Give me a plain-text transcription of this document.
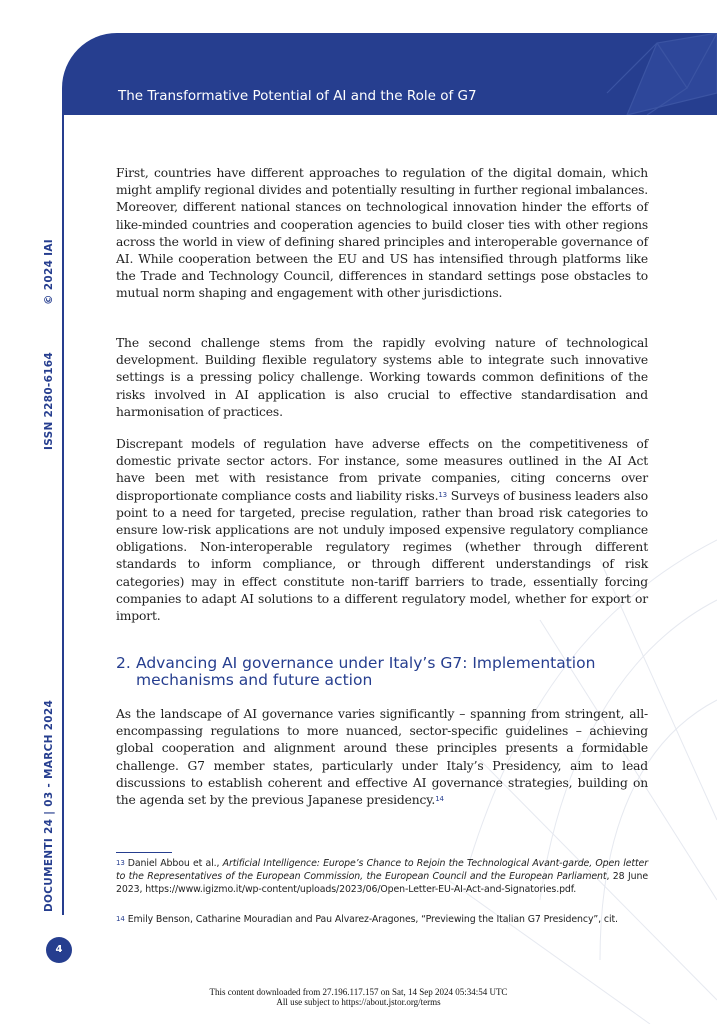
The Transformative Potential of AI and the Role of G7
© 2024 IAI
ISSN 2280-6164
DOCUMENTI 24 | 03 - MARCH 2024

First, countries have different approaches to regulation of the digital domain, which might amplify regional divides and potentially resulting in further regional imbalances. Moreover, different national stances on technological innovation hinder the efforts of like-minded countries and cooperation agencies to build closer ties with other regions across the world in view of defining shared principles and interoperable governance of AI. While cooperation between the EU and US has intensified through platforms like the Trade and Technology Council, differences in standard settings pose obstacles to mutual norm shaping and engagement with other jurisdictions.

The second challenge stems from the rapidly evolving nature of technological development. Building flexible regulatory systems able to integrate such innovative settings is a pressing policy challenge. Working towards common definitions of the risks involved in AI application is also crucial to effective standardisation and harmonisation of practices.

Discrepant models of regulation have adverse effects on the competitiveness of domestic private sector actors. For instance, some measures outlined in the AI Act have been met with resistance from private companies, citing concerns over disproportionate compliance costs and liability risks.$^{13}$ Surveys of business leaders also point to a need for targeted, precise regulation, rather than broad risk categories to ensure low-risk applications are not unduly imposed expensive regulatory compliance obligations. Non-interoperable regulatory regimes (whether through different standards to inform compliance, or through different understandings of risk categories) may in effect constitute non-tariff barriers to trade, essentially forcing companies to adapt AI solutions to a different regulatory model, whether for export or import.

2. Advancing AI governance under Italy’s G7: Implementation mechanisms and future action

As the landscape of AI governance varies significantly – spanning from stringent, all-encompassing regulations to more nuanced, sector-specific guidelines – achieving global cooperation and alignment around these principles presents a formidable challenge. G7 member states, particularly under Italy’s Presidency, aim to lead discussions to establish coherent and effective AI governance strategies, building on the agenda set by the previous Japanese presidency.$^{14}$

$^{13}$ Daniel Abbou et al., Artificial Intelligence: Europe’s Chance to Rejoin the Technological Avant-garde, Open letter to the Representatives of the European Commission, the European Council and the European Parliament, 28 June 2023, https://www.igizmo.it/wp-content/uploads/2023/06/Open-Letter-EU-AI-Act-and-Signatories.pdf.
$^{14}$ Emily Benson, Catharine Mouradian and Pau Alvarez-Aragones, “Previewing the Italian G7 Presidency”, cit.
4
This content downloaded from 27.196.117.157 on Sat, 14 Sep 2024 05:34:54 UTC
All use subject to https://about.jstor.org/terms
